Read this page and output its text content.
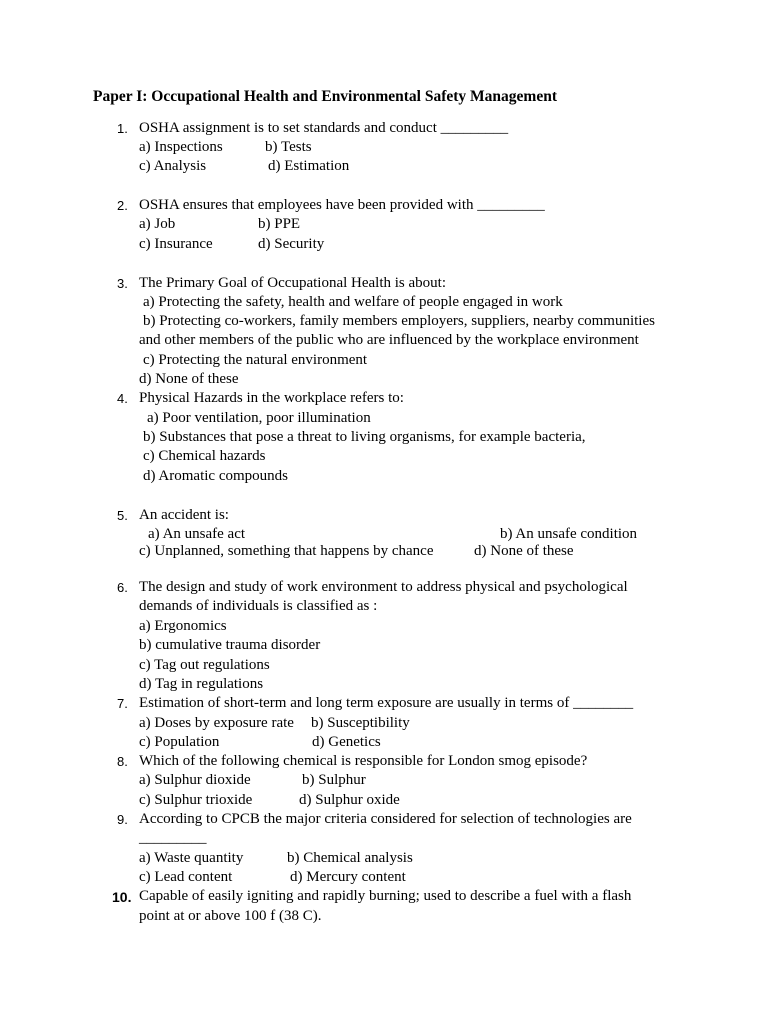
Paper I: Occupational Health and Environmental Safety Management
1. OSHA assignment is to set standards and conduct _________
a) Inspections	b) Tests
c) Analysis	d) Estimation
2. OSHA ensures that employees have been provided with _________
a) Job	b) PPE
c) Insurance	d) Security
3. The Primary Goal of Occupational Health is about:
a) Protecting the safety, health and welfare of people engaged in work
b) Protecting co-workers, family members employers, suppliers, nearby communities
and other members of the public who are influenced by the workplace environment
c) Protecting the natural environment
d) None of these
4. Physical Hazards in the workplace refers to:
a) Poor ventilation, poor illumination
b) Substances that pose a threat to living organisms, for example bacteria,
c) Chemical hazards
d) Aromatic compounds
5. An accident is:
a) An unsafe act	b) An unsafe condition
c) Unplanned, something that happens by chance	d) None of these
6. The design and study of work environment to address physical and psychological
demands of individuals is classified as :
a) Ergonomics
b) cumulative trauma disorder
c) Tag out regulations
d) Tag in regulations
7. Estimation of short-term and long term exposure are usually in terms of ________
a) Doses by exposure rate b) Susceptibility
c) Population	d) Genetics
8. Which of the following chemical is responsible for London smog episode?
a) Sulphur dioxide	b) Sulphur
c) Sulphur trioxide	d) Sulphur oxide
9. According to CPCB the major criteria considered for selection of technologies are
_________
a) Waste quantity	b) Chemical analysis
c) Lead content	d) Mercury content
10. Capable of easily igniting and rapidly burning; used to describe a fuel with a flash
point at or above 100 f (38 C).
